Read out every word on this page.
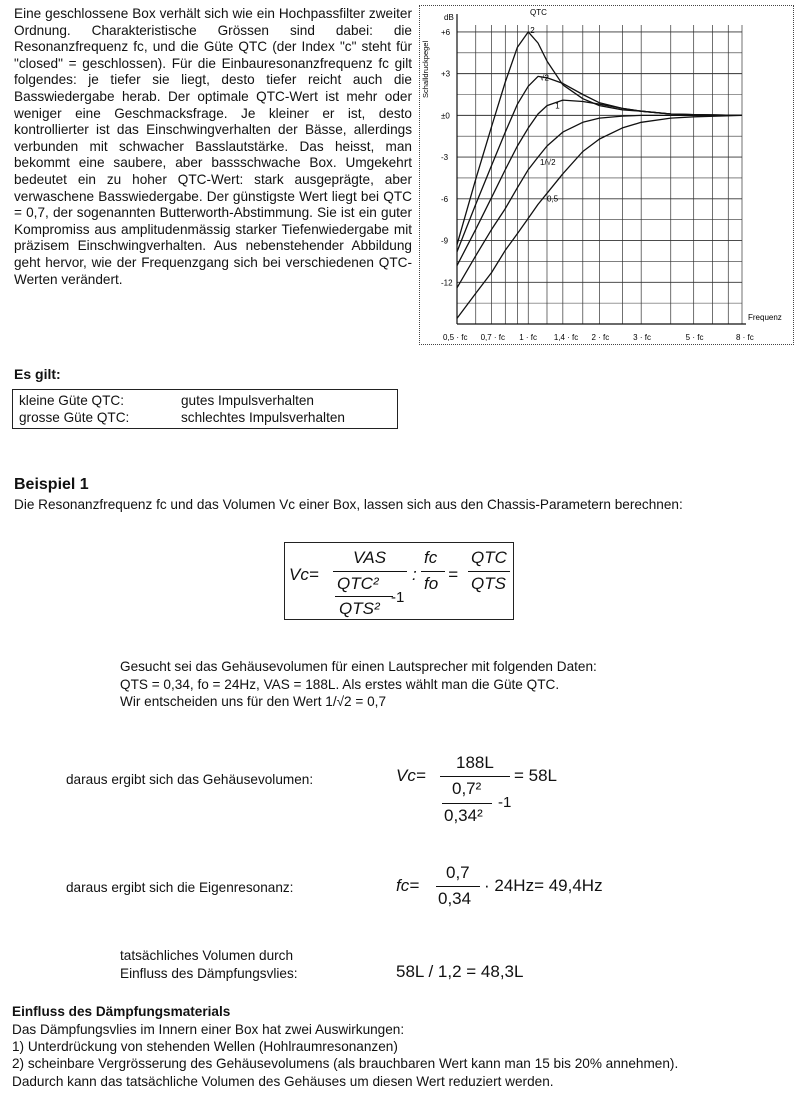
Eine geschlossene Box verhält sich wie ein Hochpassfilter zweiter Ordnung. Charakteristische Grössen sind dabei: die Resonanzfrequenz fc, und die Güte QTC (der Index "c" steht für "closed" = geschlossen). Für die Einbauresonanzfrequenz fc gilt folgendes: je tiefer sie liegt, desto tiefer reicht auch die Basswiedergabe herab. Der optimale QTC-Wert ist mehr oder weniger eine Geschmacksfrage. Je kleiner er ist, desto kontrollierter ist das Einschwingverhalten der Bässe, allerdings verbunden mit schwacher Basslautstärke. Das heisst, man bekommt eine saubere, aber bassschwache Box. Umgekehrt bedeutet ein zu hoher QTC-Wert: stark ausgeprägte, aber verwaschene Basswiedergabe. Der günstigste Wert liegt bei QTC = 0,7, der sogenannten Butterworth-Abstimmung. Sie ist ein guter Kompromiss aus amplitudenmässig starker Tiefenwiedergabe mit präzisem Einschwingverhalten. Aus nebenstehender Abbildung geht hervor, wie der Frequenzgang sich bei verschiedenen QTC-Werten verändert.

dB
Schalldruckpegel
+6
+3
±0
-3
-6
-9
-12
0,5 · fc 0,7 · fc 1 · fc 1,4 · fc 2 · fc	3 · fc	5 · fc	8 · fc
Frequenz
QTC
2
√2
1
1/√2
0,5
Es gilt:
kleine Güte QTC:	gutes Impulsverhalten
grosse Güte QTC:	schlechtes Impulsverhalten
Beispiel 1
Die Resonanzfrequenz fc und das Volumen Vc einer Box, lassen sich aus den Chassis-Parametern berechnen:
Vc=
VAS
QTC²
QTS²
-1
:
fc
fo =
QTC
QTS
Gesucht sei das Gehäusevolumen für einen Lautsprecher mit folgenden Daten:
QTS = 0,34, fo = 24Hz, VAS = 188L. Als erstes wählt man die Güte QTC.
Wir entscheiden uns für den Wert 1/√2 = 0,7
daraus ergibt sich das Gehäusevolumen:	Vc=
188L
0,7²
0,34²
-1
= 58L
daraus ergibt sich die Eigenresonanz:	fc=
0,7
0,34
· 24Hz= 49,4Hz
tatsächliches Volumen durch
Einfluss des Dämpfungsvlies:	58L / 1,2 = 48,3L
Einfluss des Dämpfungsmaterials

Das Dämpfungsvlies im Innern einer Box hat zwei Auswirkungen:

1) Unterdrückung von stehenden Wellen (Hohlraumresonanzen)

2) scheinbare Vergrösserung des Gehäusevolumens (als brauchbaren Wert kann man 15 bis 20% annehmen).

Dadurch kann das tatsächliche Volumen des Gehäuses um diesen Wert reduziert werden.
